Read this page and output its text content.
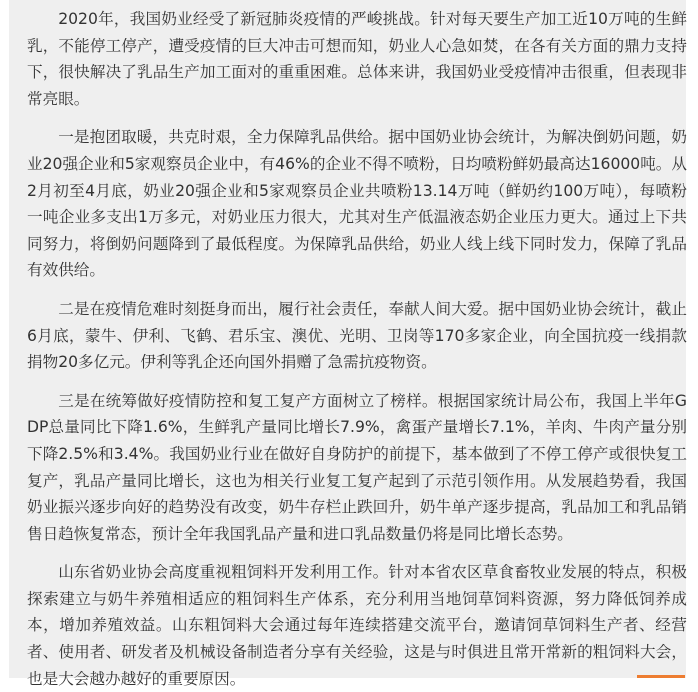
2020年，我国奶业经受了新冠肺炎疫情的严峻挑战。针对每天要生产加工近10万吨的生鲜乳，不能停工停产，遭受疫情的巨大冲击可想而知，奶业人心急如焚，在各有关方面的鼎力支持下，很快解决了乳品生产加工面对的重重困难。总体来讲，我国奶业受疫情冲击很重，但表现非常亮眼。

一是抱团取暖，共克时艰，全力保障乳品供给。据中国奶业协会统计，为解决倒奶问题，奶业20强企业和5家观察员企业中，有46%的企业不得不喷粉，日均喷粉鲜奶最高达16000吨。从2月初至4月底，奶业20强企业和5家观察员企业共喷粉13.14万吨（鲜奶约100万吨），每喷粉一吨企业多支出1万多元，对奶业压力很大，尤其对生产低温液态奶企业压力更大。通过上下共同努力，将倒奶问题降到了最低程度。为保障乳品供给，奶业人线上线下同时发力，保障了乳品有效供给。

二是在疫情危难时刻挺身而出，履行社会责任，奉献人间大爱。据中国奶业协会统计，截止6月底，蒙牛、伊利、飞鹤、君乐宝、澳优、光明、卫岗等170多家企业，向全国抗疫一线捐款捐物20多亿元。伊利等乳企还向国外捐赠了急需抗疫物资。

三是在统筹做好疫情防控和复工复产方面树立了榜样。根据国家统计局公布，我国上半年GDP总量同比下降1.6%，生鲜乳产量同比增长7.9%，禽蛋产量增长7.1%，羊肉、牛肉产量分别下降2.5%和3.4%。我国奶业行业在做好自身防护的前提下，基本做到了不停工停产或很快复工复产，乳品产量同比增长，这也为相关行业复工复产起到了示范引领作用。从发展趋势看，我国奶业振兴逐步向好的趋势没有改变，奶牛存栏止跌回升，奶牛单产逐步提高，乳品加工和乳品销售日趋恢复常态，预计全年我国乳品产量和进口乳品数量仍将是同比增长态势。

山东省奶业协会高度重视粗饲料开发利用工作。针对本省农区草食畜牧业发展的特点，积极探索建立与奶牛养殖相适应的粗饲料生产体系，充分利用当地饲草饲料资源，努力降低饲养成本，增加养殖效益。山东粗饲料大会通过每年连续搭建交流平台，邀请饲草饲料生产者、经营者、使用者、研发者及机械设备制造者分享有关经验，这是与时俱进且常开常新的粗饲料大会，也是大会越办越好的重要原因。
